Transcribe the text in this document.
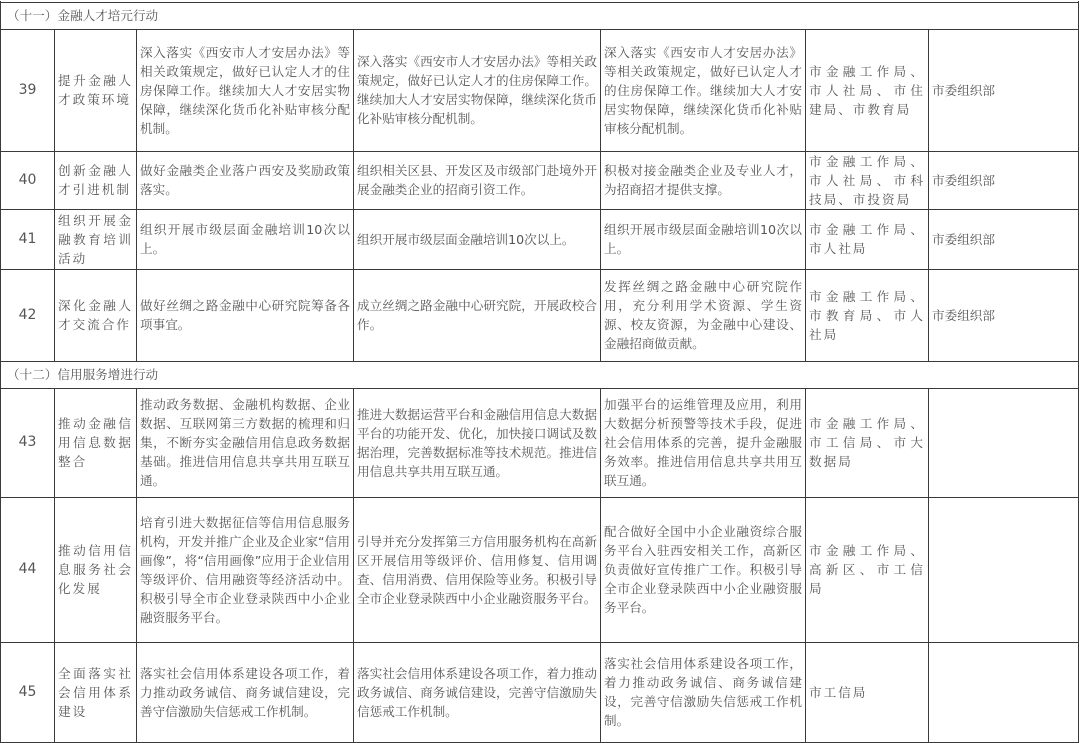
（十一）金融人才培元行动						
39	提升金融人才政策环境	深入落实《西安市人才安居办法》等相关政策规定，做好已认定人才的住房保障工作。继续加大人才安居实物保障，继续深化货币化补贴审核分配机制。	深入落实《西安市人才安居办法》等相关政策规定，做好已认定人才的住房保障工作。继续加大人才安居实物保障，继续深化货币化补贴审核分配机制。	深入落实《西安市人才安居办法》等相关政策规定，做好已认定人才的住房保障工作。继续加大人才安居实物保障，继续深化货币化补贴审核分配机制。	市金融工作局、市人社局、市住建局、市教育局	市委组织部
40	创新金融人才引进机制	做好金融类企业落户西安及奖励政策落实。	组织相关区县、开发区及市级部门赴境外开展金融类企业的招商引资工作。	积极对接金融类企业及专业人才，为招商招才提供支撑。	市金融工作局、市人社局、市科技局、市投资局	市委组织部
41	组织开展金融教育培训活动	组织开展市级层面金融培训10次以上。	组织开展市级层面金融培训10次以上。	组织开展市级层面金融培训10次以上。	市金融工作局、市人社局	市委组织部
42	深化金融人才交流合作	做好丝绸之路金融中心研究院筹备各项事宜。	成立丝绸之路金融中心研究院，开展政校合作。	发挥丝绸之路金融中心研究院作用，充分利用学术资源、学生资源、校友资源，为金融中心建设、金融招商做贡献。	市金融工作局、市教育局、市人社局	市委组织部
（十二）信用服务增进行动						
43	推动金融信用信息数据整合	推动政务数据、金融机构数据、企业数据、互联网第三方数据的梳理和归集，不断夯实金融信用信息政务数据基础。推进信用信息共享共用互联互通。	推进大数据运营平台和金融信用信息大数据平台的功能开发、优化，加快接口调试及数据治理，完善数据标准等技术规范。推进信用信息共享共用互联互通。	加强平台的运维管理及应用，利用大数据分析预警等技术手段，促进社会信用体系的完善，提升金融服务效率。推进信用信息共享共用互联互通。	市金融工作局、市工信局、市大数据局	
44	推动信用信息服务社会化发展	培育引进大数据征信等信用信息服务机构，开发并推广企业及企业家“信用画像”，将“信用画像”应用于企业信用等级评价、信用融资等经济活动中。积极引导全市企业登录陕西中小企业融资服务平台。	引导并充分发挥第三方信用服务机构在高新区开展信用等级评价、信用修复、信用调查、信用消费、信用保险等业务。积极引导全市企业登录陕西中小企业融资服务平台。	配合做好全国中小企业融资综合服务平台入驻西安相关工作，高新区负责做好宣传推广工作。积极引导全市企业登录陕西中小企业融资服务平台。	市金融工作局、高新区、市工信局	
45	全面落实社会信用体系建设	落实社会信用体系建设各项工作，着力推动政务诚信、商务诚信建设，完善守信激励失信惩戒工作机制。	落实社会信用体系建设各项工作，着力推动政务诚信、商务诚信建设，完善守信激励失信惩戒工作机制。	落实社会信用体系建设各项工作，着力推动政务诚信、商务诚信建设，完善守信激励失信惩戒工作机制。	市工信局	
